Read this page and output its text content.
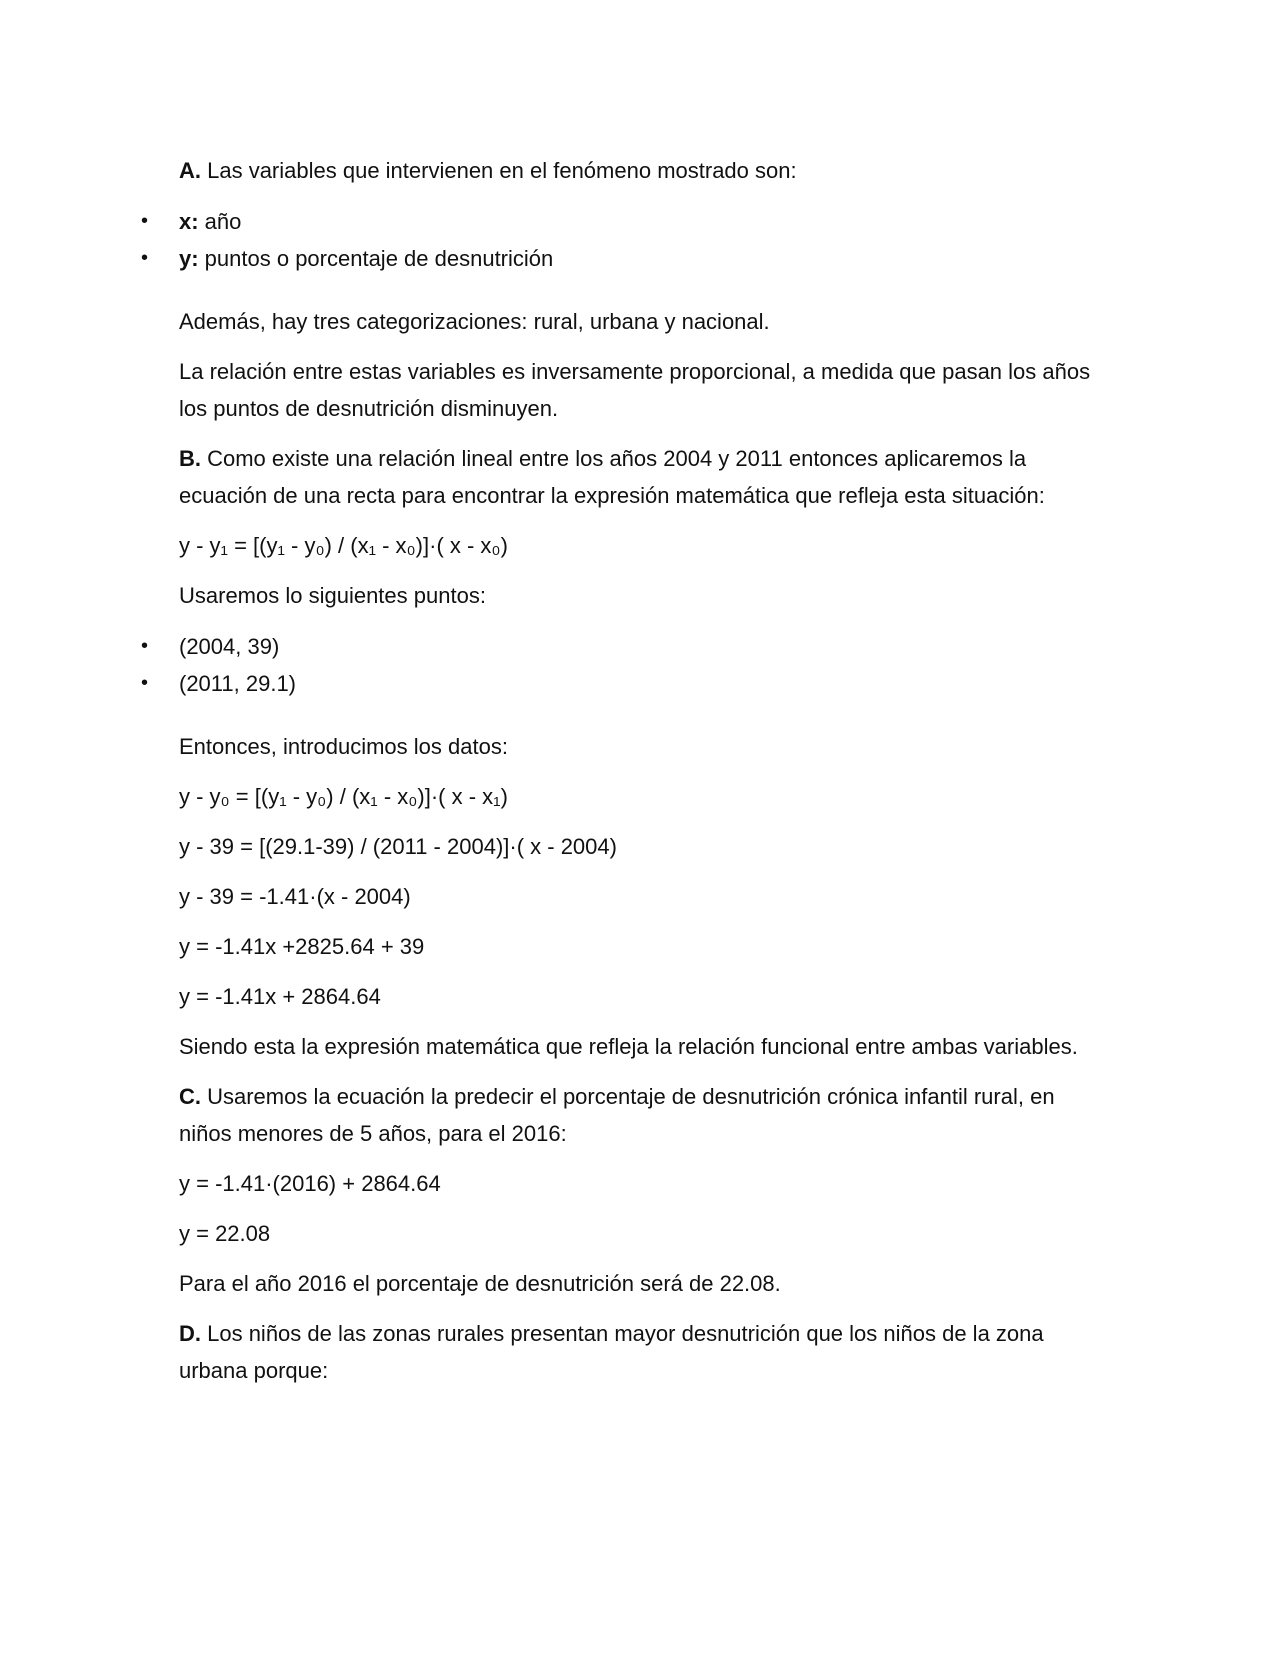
A. Las variables que intervienen en el fenómeno mostrado son:

• x: año
• y: puntos o porcentaje de desnutrición

Además, hay tres categorizaciones: rural, urbana y nacional.

La relación entre estas variables es inversamente proporcional, a medida que pasan los años los puntos de desnutrición disminuyen.

B. Como existe una relación lineal entre los años 2004 y 2011 entonces aplicaremos la ecuación de una recta para encontrar la expresión matemática que refleja esta situación:

y - y₁ = [(y₁ - y₀) / (x₁ - x₀)]·( x - x₀)

Usaremos lo siguientes puntos:

• (2004, 39)
• (2011, 29.1)

Entonces, introducimos los datos:

y - y₀ = [(y₁ - y₀) / (x₁ - x₀)]·( x - x₁)

y - 39 = [(29.1-39) / (2011 - 2004)]·( x - 2004)

y - 39 = -1.41·(x - 2004)

y = -1.41x +2825.64 + 39

y = -1.41x + 2864.64

Siendo esta la expresión matemática que refleja la relación funcional entre ambas variables.

C. Usaremos la ecuación la predecir el porcentaje de desnutrición crónica infantil rural, en niños menores de 5 años, para el 2016:

y = -1.41·(2016) + 2864.64

y = 22.08

Para el año 2016 el porcentaje de desnutrición será de 22.08.

D. Los niños de las zonas rurales presentan mayor desnutrición que los niños de la zona urbana porque:
